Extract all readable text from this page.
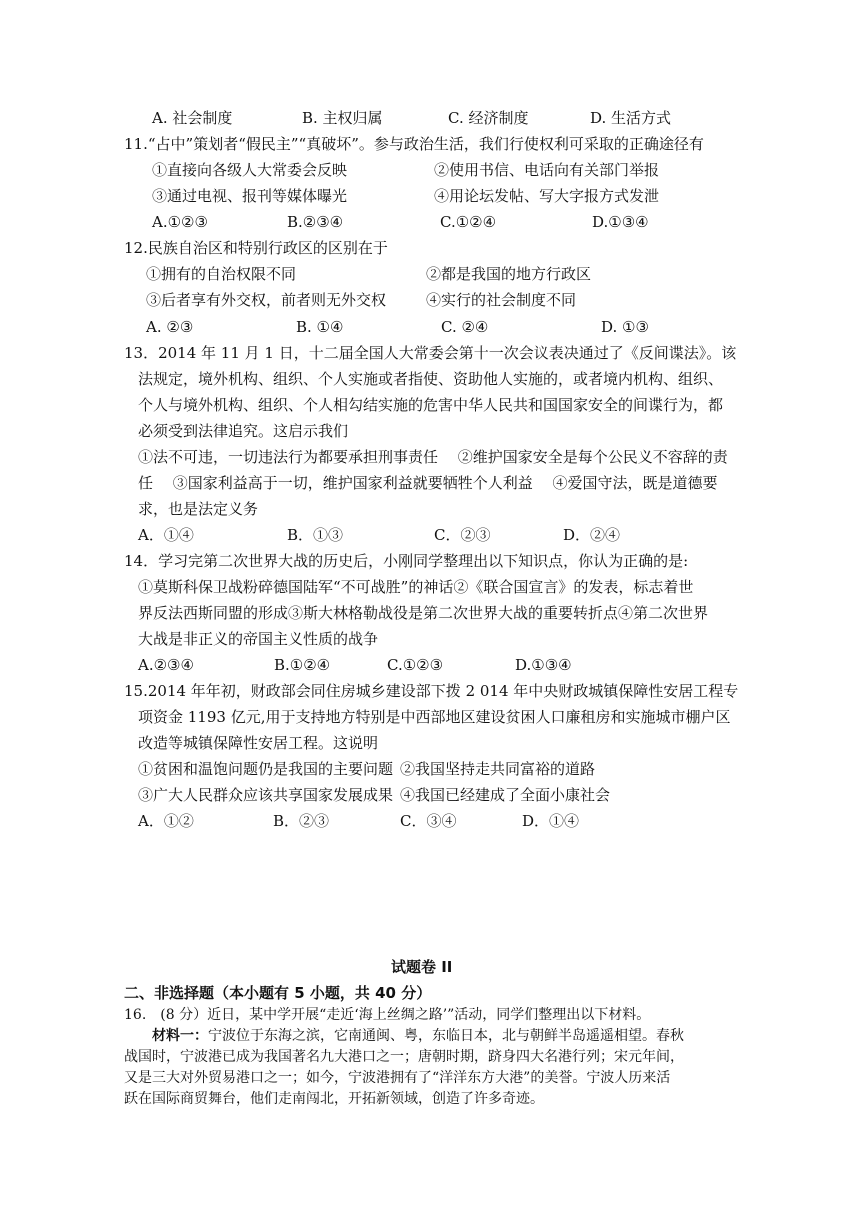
A. 社会制度	B. 主权归属	C. 经济制度	D. 生活方式
11.“占中”策划者“假民主”“真破坏”。参与政治生活，我们行使权利可采取的正确途径有
①直接向各级人大常委会反映	②使用书信、电话向有关部门举报
③通过电视、报刊等媒体曝光	④用论坛发帖、写大字报方式发泄
A.①②③	B.②③④	C.①②④	D.①③④
12.民族自治区和特别行政区的区别在于
①拥有的自治权限不同	②都是我国的地方行政区
③后者享有外交权，前者则无外交权	④实行的社会制度不同
A. ②③	B. ①④	C. ②④	D. ①③
13．2014 年 11 月 1 日，十二届全国人大常委会第十一次会议表决通过了《反间谍法》。该
法规定，境外机构、组织、个人实施或者指使、资助他人实施的，或者境内机构、组织、
个人与境外机构、组织、个人相勾结实施的危害中华人民共和国国家安全的间谍行为，都
必须受到法律追究。这启示我们
①法不可违，一切违法行为都要承担刑事责任　 ②维护国家安全是每个公民义不容辞的责
任　 ③国家利益高于一切，维护国家利益就要牺牲个人利益　 ④爱国守法，既是道德要
求，也是法定义务
A．①④	B．①③	C．②③	D．②④
14．学习完第二次世界大战的历史后，小刚同学整理出以下知识点，你认为正确的是:
①莫斯科保卫战粉碎德国陆军“不可战胜”的神话②《联合国宣言》的发表，标志着世
界反法西斯同盟的形成③斯大林格勒战役是第二次世界大战的重要转折点④第二次世界
大战是非正义的帝国主义性质的战争
A.②③④	B.①②④	C.①②③	D.①③④
15.2014 年年初，财政部会同住房城乡建设部下拨 2 014 年中央财政城镇保障性安居工程专
项资金 1193 亿元,用于支持地方特别是中西部地区建设贫困人口廉租房和实施城市棚户区
改造等城镇保障性安居工程。这说明
①贫困和温饱问题仍是我国的主要问题 ②我国坚持走共同富裕的道路
③广大人民群众应该共享国家发展成果 ④我国已经建成了全面小康社会
A．①②	B．②③	C．③④	D．①④
试题卷 II
二、非选择题（本小题有 5 小题，共 40 分）
16.　(8 分）近日，某中学开展“走近‘海上丝绸之路’”活动，同学们整理出以下材料。
材料一：宁波位于东海之滨，它南通闽、粤，东临日本，北与朝鲜半岛遥遥相望。春秋
战国时，宁波港已成为我国著名九大港口之一；唐朝时期，跻身四大名港行列；宋元年间，
又是三大对外贸易港口之一；如今，宁波港拥有了“洋洋东方大港”的美誉。宁波人历来活
跃在国际商贸舞台，他们走南闯北，开拓新领域，创造了许多奇迹。
